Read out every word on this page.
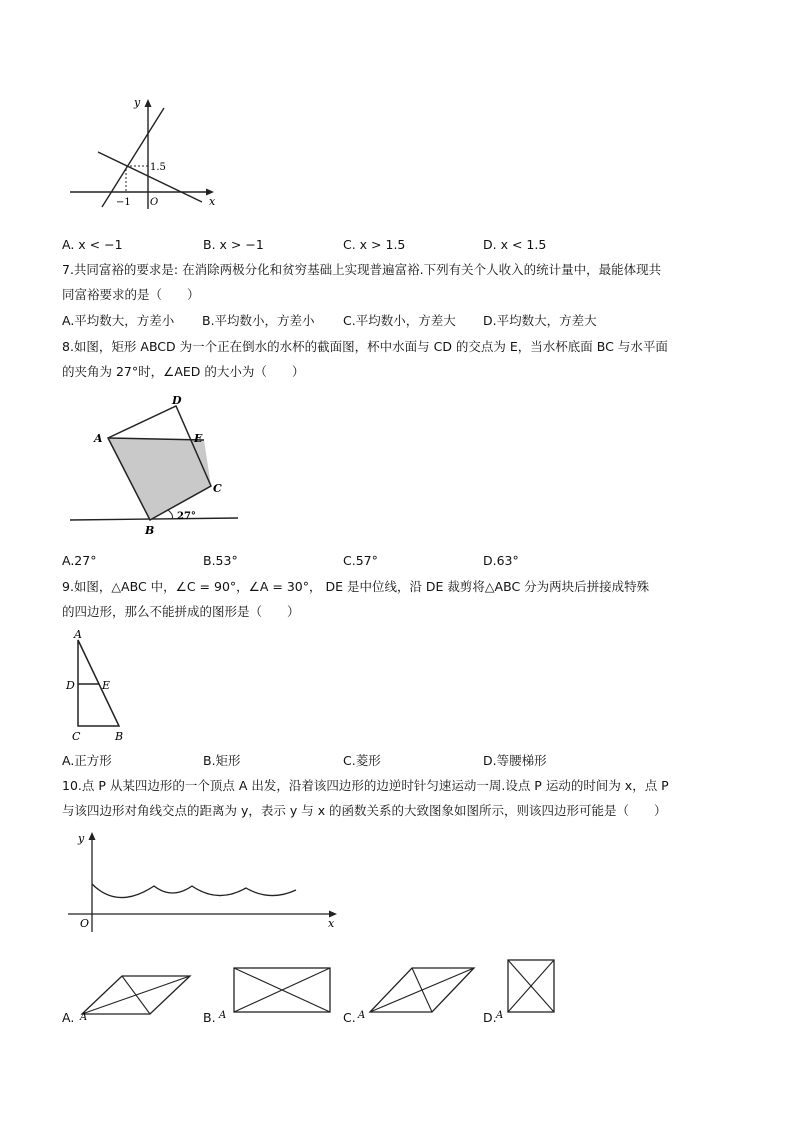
y
x
O
−1
1.5
A. x < −1	B. x > −1	C. x > 1.5	D. x < 1.5
7.共同富裕的要求是: 在消除两极分化和贫穷基础上实现普遍富裕.下列有关个人收入的统计量中，最能体现共
同富裕要求的是（　　）
A.平均数大，方差小 B.平均数小，方差小 C.平均数小，方差大 D.平均数大，方差大
8.如图，矩形 ABCD 为一个正在倒水的水杯的截面图，杯中水面与 CD 的交点为 E，当水杯底面 BC 与水平面
的夹角为 27°时，∠AED 的大小为（　　）
A
D
E
C
B
27°
A.27°	B.53°	C.57°	D.63°
9.如图，△ABC 中，∠C = 90°，∠A = 30°， DE 是中位线，沿 DE 裁剪将△ABC 分为两块后拼接成特殊
的四边形，那么不能拼成的图形是（　　）
A
D E
C	B
A.正方形	B.矩形	C.菱形	D.等腰梯形
10.点 P 从某四边形的一个顶点 A 出发，沿着该四边形的边逆时针匀速运动一周.设点 P 运动的时间为 x，点 P
与该四边形对角线交点的距离为 y，表示 y 与 x 的函数关系的大致图象如图所示，则该四边形可能是（　　）
y
x
O
A. A	B. A	C. A	D. A
